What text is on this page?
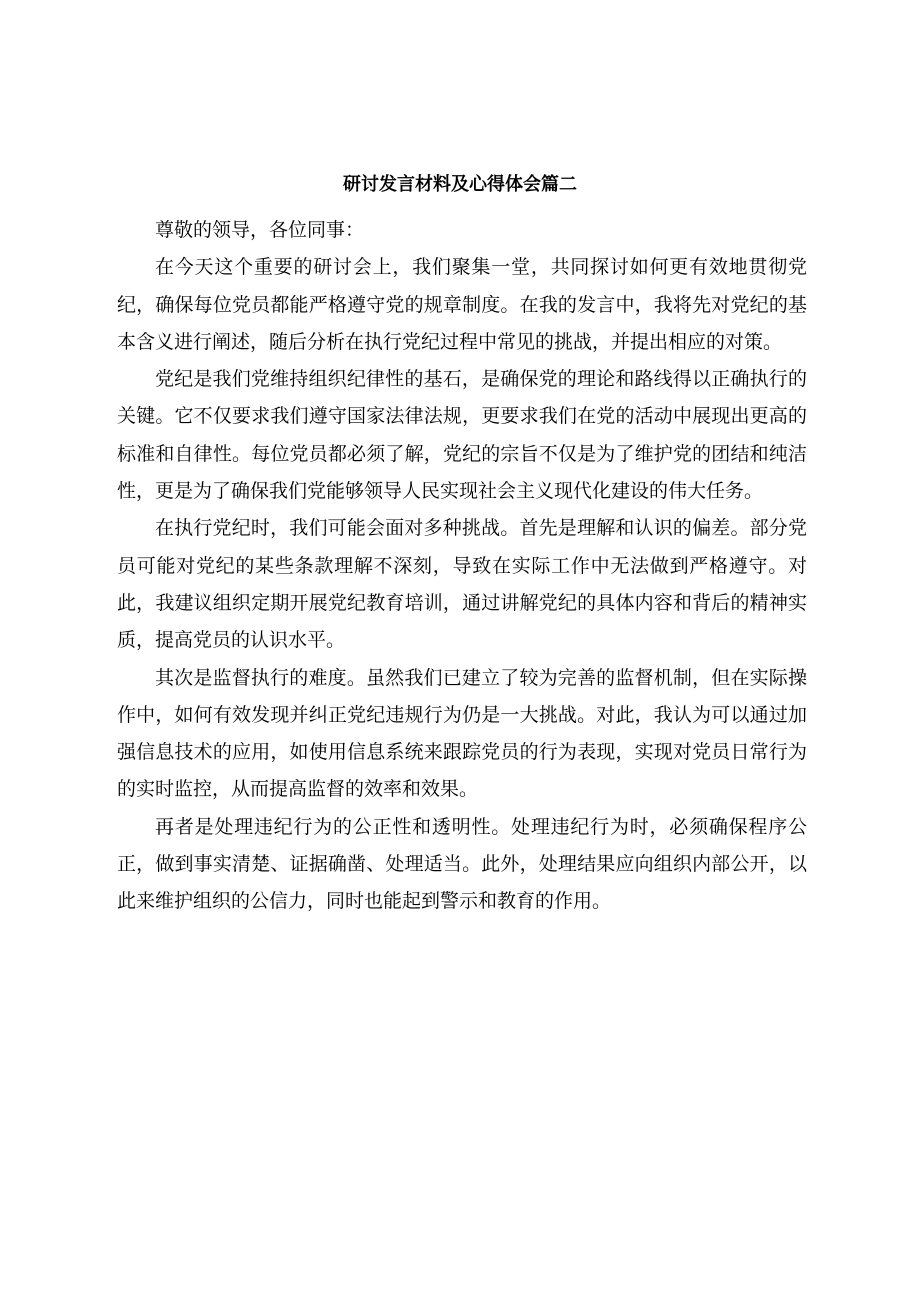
研讨发言材料及心得体会篇二

尊敬的领导，各位同事：

在今天这个重要的研讨会上，我们聚集一堂，共同探讨如何更有效地贯彻党纪，确保每位党员都能严格遵守党的规章制度。在我的发言中，我将先对党纪的基本含义进行阐述，随后分析在执行党纪过程中常见的挑战，并提出相应的对策。

党纪是我们党维持组织纪律性的基石，是确保党的理论和路线得以正确执行的关键。它不仅要求我们遵守国家法律法规，更要求我们在党的活动中展现出更高的标准和自律性。每位党员都必须了解，党纪的宗旨不仅是为了维护党的团结和纯洁性，更是为了确保我们党能够领导人民实现社会主义现代化建设的伟大任务。

在执行党纪时，我们可能会面对多种挑战。首先是理解和认识的偏差。部分党员可能对党纪的某些条款理解不深刻，导致在实际工作中无法做到严格遵守。对此，我建议组织定期开展党纪教育培训，通过讲解党纪的具体内容和背后的精神实质，提高党员的认识水平。

其次是监督执行的难度。虽然我们已建立了较为完善的监督机制，但在实际操作中，如何有效发现并纠正党纪违规行为仍是一大挑战。对此，我认为可以通过加强信息技术的应用，如使用信息系统来跟踪党员的行为表现，实现对党员日常行为的实时监控，从而提高监督的效率和效果。

再者是处理违纪行为的公正性和透明性。处理违纪行为时，必须确保程序公正，做到事实清楚、证据确凿、处理适当。此外，处理结果应向组织内部公开，以此来维护组织的公信力，同时也能起到警示和教育的作用。
